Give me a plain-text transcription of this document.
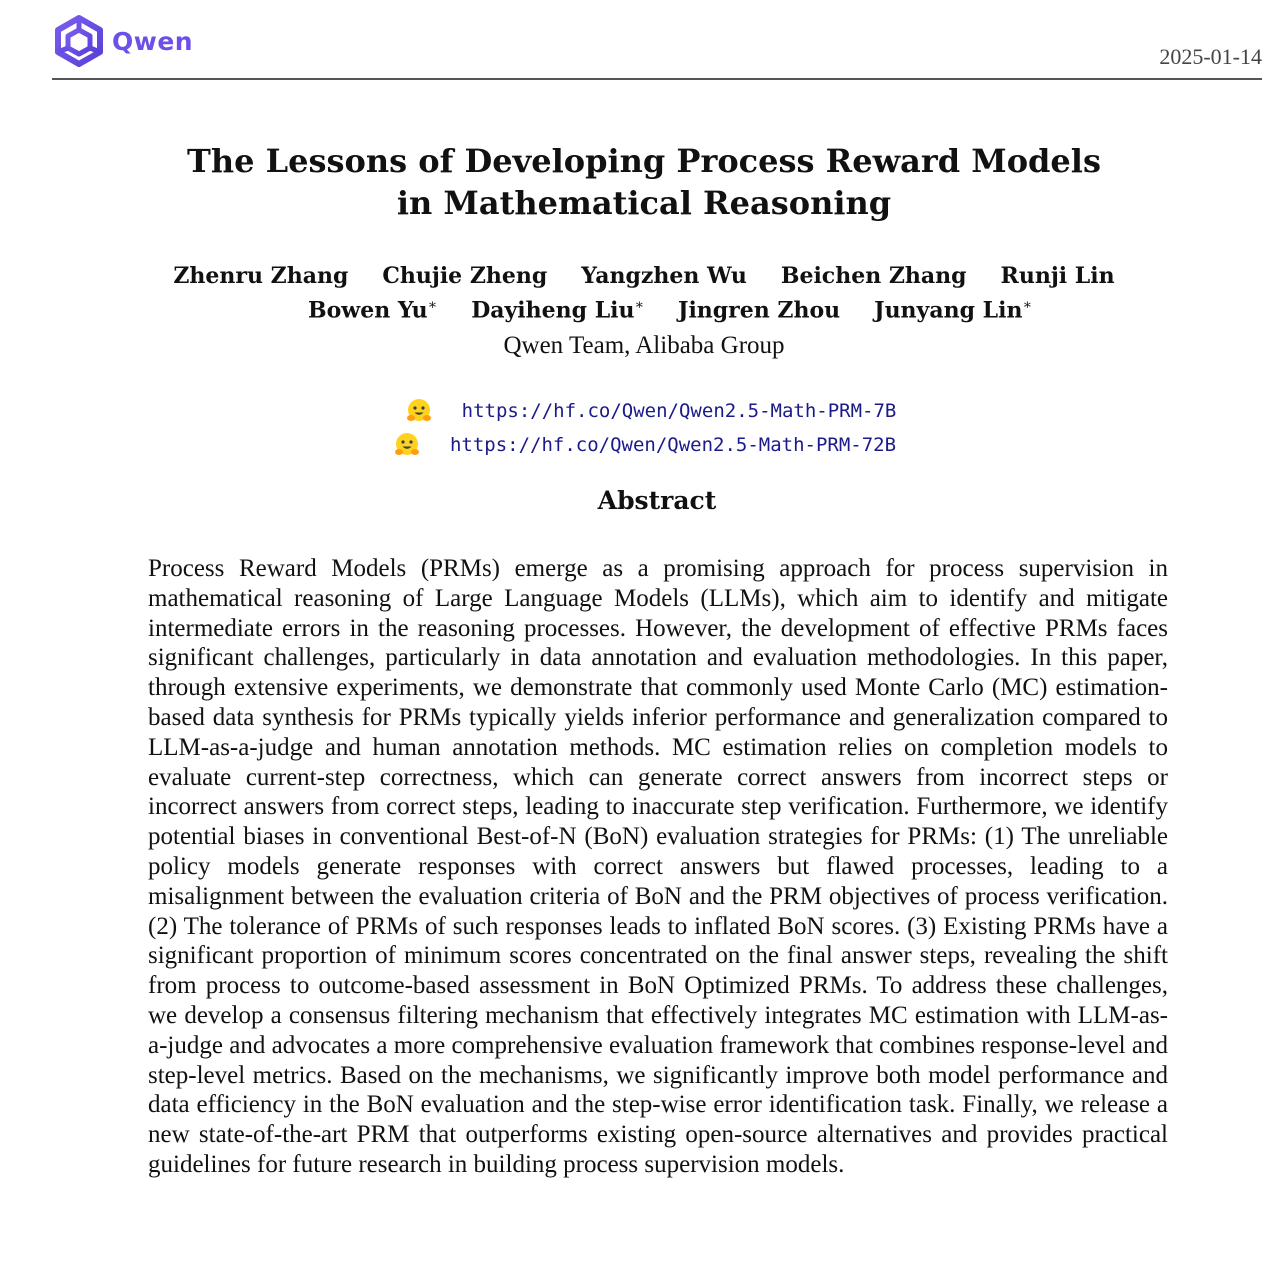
Qwen
2025-01-14
The Lessons of Developing Process Reward Models
in Mathematical Reasoning
Zhenru Zhang Chujie Zheng Yangzhen Wu Beichen Zhang Runji Lin
Bowen Yu∗ Dayiheng Liu∗ Jingren Zhou Junyang Lin∗
Qwen Team, Alibaba Group
https://hf.co/Qwen/Qwen2.5-Math-PRM-7B
https://hf.co/Qwen/Qwen2.5-Math-PRM-72B
Abstract
Process Reward Models (PRMs) emerge as a promising approach for process supervision in mathematical reasoning of Large Language Models (LLMs), which aim to identify and mitigate intermediate errors in the reasoning processes. However, the development of effective PRMs faces significant challenges, particularly in data annotation and evaluation methodologies. In this paper, through extensive experiments, we demonstrate that commonly used Monte Carlo (MC) estimation-based data synthesis for PRMs typically yields inferior performance and generalization compared to LLM-as-a-judge and human annotation methods. MC estimation relies on completion models to evaluate current-step correctness, which can generate correct answers from incorrect steps or incorrect answers from correct steps, leading to inaccurate step verification. Furthermore, we identify potential biases in conventional Best-of-N (BoN) evaluation strategies for PRMs: (1) The unreliable policy models generate responses with correct answers but flawed processes, leading to a misalignment between the evaluation criteria of BoN and the PRM objectives of process verification. (2) The tolerance of PRMs of such responses leads to inflated BoN scores. (3) Existing PRMs have a significant proportion of minimum scores concentrated on the final answer steps, revealing the shift from process to outcome-based assessment in BoN Optimized PRMs. To address these challenges, we develop a consensus filtering mechanism that effectively integrates MC estimation with LLM-as-a-judge and advocates a more comprehensive evaluation framework that combines response-level and step-level metrics. Based on the mechanisms, we significantly improve both model performance and data efficiency in the BoN evaluation and the step-wise error identification task. Finally, we release a new state-of-the-art PRM that outperforms existing open-source alternatives and provides practical guidelines for future research in building process supervision models.
